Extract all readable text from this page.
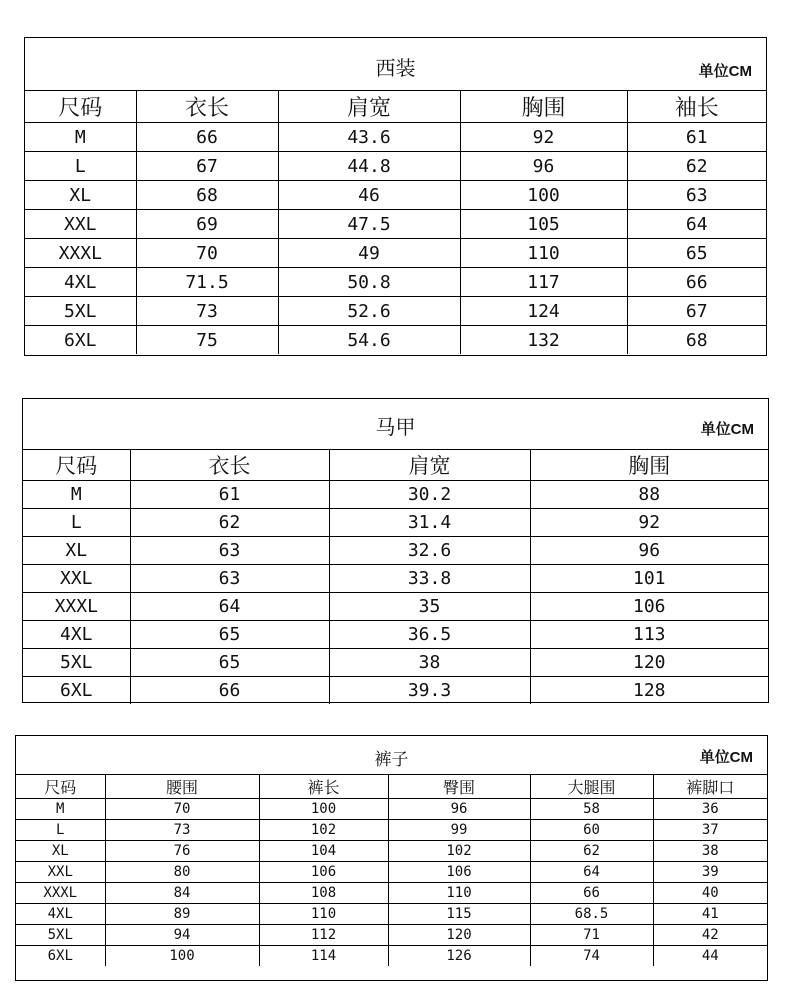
西装	单位CM
尺码	衣长	肩宽	胸围	袖长
M	66	43.6	92	61
L	67	44.8	96	62
XL	68	46	100	63
XXL	69	47.5	105	64
XXXL	70	49	110	65
4XL	71.5	50.8	117	66
5XL	73	52.6	124	67
6XL	75	54.6	132	68
马甲	单位CM
尺码	衣长	肩宽	胸围
M	61	30.2	88
L	62	31.4	92
XL	63	32.6	96
XXL	63	33.8	101
XXXL	64	35	106
4XL	65	36.5	113
5XL	65	38	120
6XL	66	39.3	128
裤子	单位CM
尺码	腰围	裤长	臀围	大腿围	裤脚口
M	70	100	96	58	36
L	73	102	99	60	37
XL	76	104	102	62	38
XXL	80	106	106	64	39
XXXL	84	108	110	66	40
4XL	89	110	115	68.5	41
5XL	94	112	120	71	42
6XL	100	114	126	74	44
